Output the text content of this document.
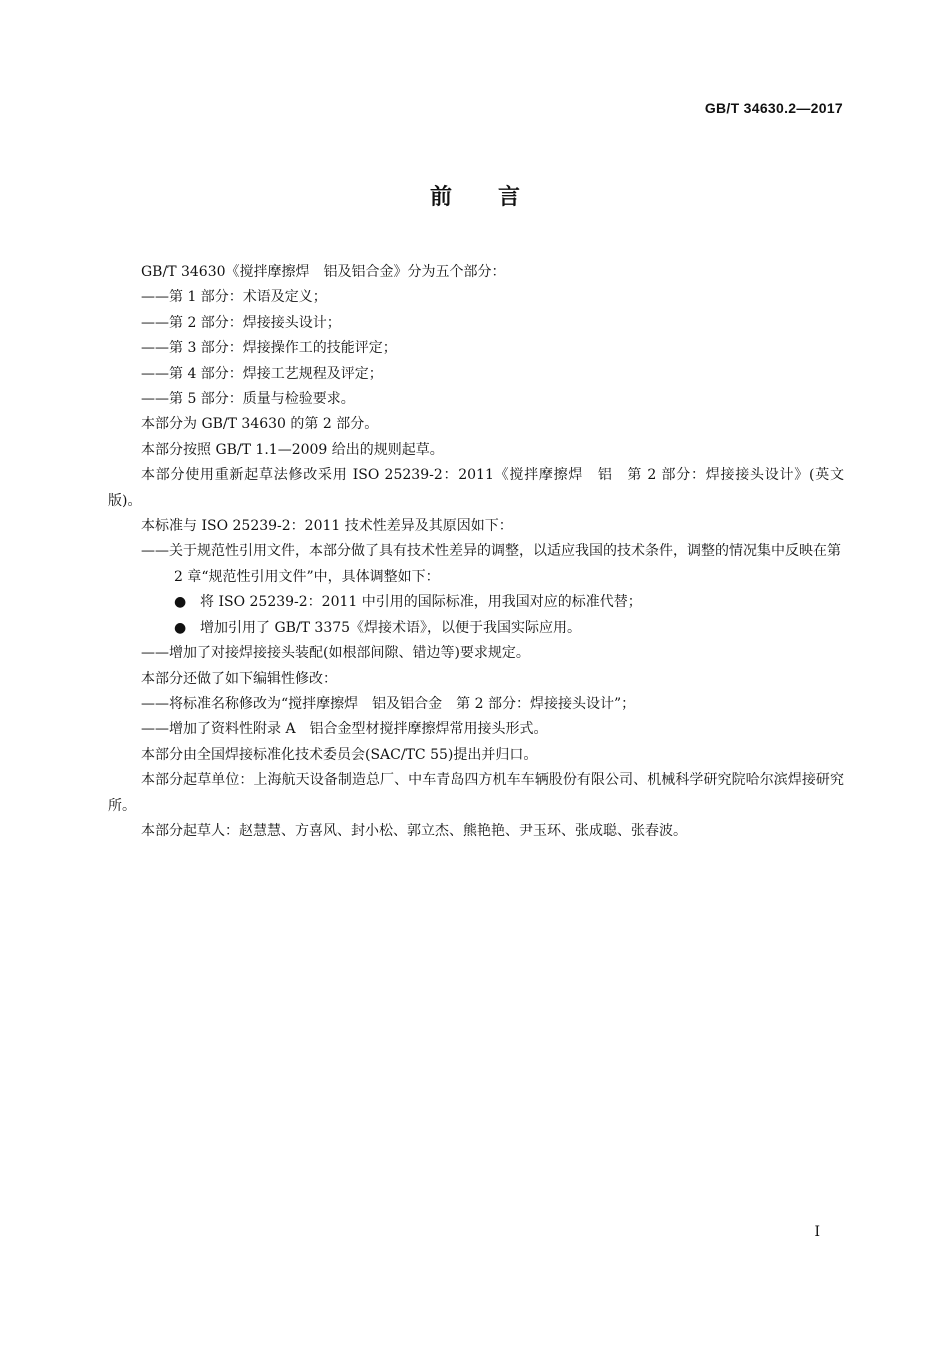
GB/T 34630.2—2017
前 言

GB/T 34630《搅拌摩擦焊　铝及铝合金》分为五个部分：

——第 1 部分：术语及定义；

——第 2 部分：焊接接头设计；

——第 3 部分：焊接操作工的技能评定；

——第 4 部分：焊接工艺规程及评定；

——第 5 部分：质量与检验要求。

本部分为 GB/T 34630 的第 2 部分。

本部分按照 GB/T 1.1—2009 给出的规则起草。

本部分使用重新起草法修改采用 ISO 25239-2：2011《搅拌摩擦焊　铝　第 2 部分：焊接接头设计》(英文版)。

本标准与 ISO 25239-2：2011 技术性差异及其原因如下：

——关于规范性引用文件，本部分做了具有技术性差异的调整，以适应我国的技术条件，调整的情况集中反映在第 2 章“规范性引用文件”中，具体调整如下：

● 将 ISO 25239-2：2011 中引用的国际标准，用我国对应的标准代替；

● 增加引用了 GB/T 3375《焊接术语》，以便于我国实际应用。

——增加了对接焊接接头装配(如根部间隙、错边等)要求规定。

本部分还做了如下编辑性修改：

——将标准名称修改为“搅拌摩擦焊　铝及铝合金　第 2 部分：焊接接头设计”；

——增加了资料性附录 A　铝合金型材搅拌摩擦焊常用接头形式。

本部分由全国焊接标准化技术委员会(SAC/TC 55)提出并归口。

本部分起草单位：上海航天设备制造总厂、中车青岛四方机车车辆股份有限公司、机械科学研究院哈尔滨焊接研究所。

本部分起草人：赵慧慧、方喜风、封小松、郭立杰、熊艳艳、尹玉环、张成聪、张春波。

I
